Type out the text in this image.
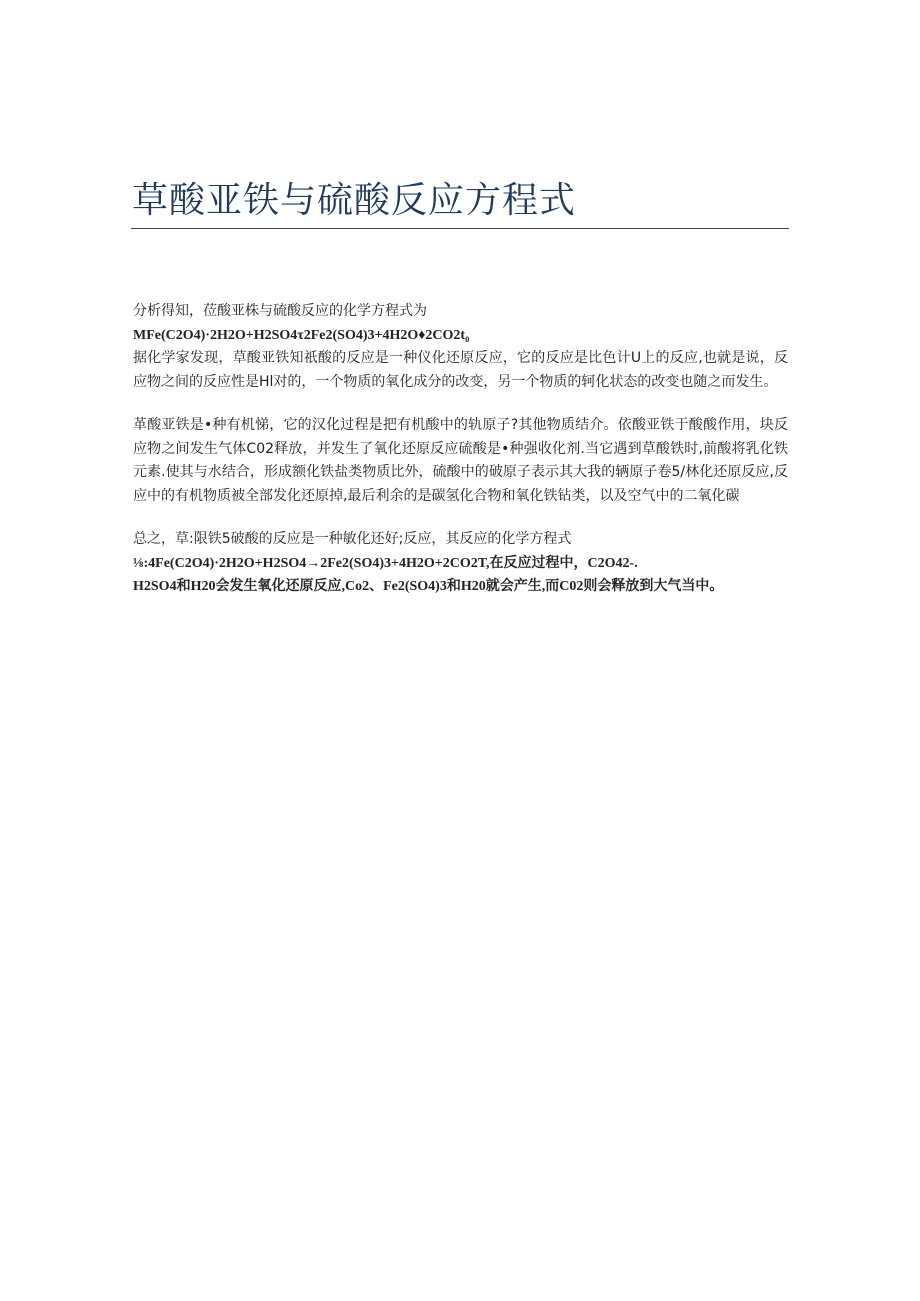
草酸亚铁与硫酸反应方程式
分析得知，莅酸亚株与硫酸反应的化学方程式为
MFe(C2O4)·2H2O+H2SO4τ2Fe2(SO4)3+4H2O♦2CO2t₀
据化学家发现，草酸亚铁知祇酸的反应是一种仪化还原反应，它的反应是比色计U上的反应,也就是说，反应物之间的反应性是Hl对的，一个物质的氧化成分的改变，另一个物质的轲化状态的改变也随之而发生。
革酸亚铁是•种有机悌，它的汉化过程是把有机酸中的轨原子?其他物质结介。依酸亚铁于酸酸作用，块反应物之间发生气体C02释放，并发生了氧化还原反应硫酸是•种强收化剂.当它遇到草酸铁时,前酸将乳化铁元素.使其与水结合，形成额化铁盐类物质比外，硫酸中的破原子表示其大我的辆原子卷5/林化还原反应,反应中的有机物质被全部发化还原掉,最后利余的是碳氢化合物和氧化铁钻类，以及空气中的二氧化碳
总之，草:限铁5破酸的反应是一种敏化还好;反应，其反应的化学方程式
⅛:4Fe(C2O4)·2H2O+H2SO4→2Fe2(SO4)3+4H2O+2CO2T,在反应过程中，C2O42-.
H2SO4和H20会发生氧化还原反应,Co2、Fe2(SO4)3和H20就会产生,而C02则会释放到大气当中。
